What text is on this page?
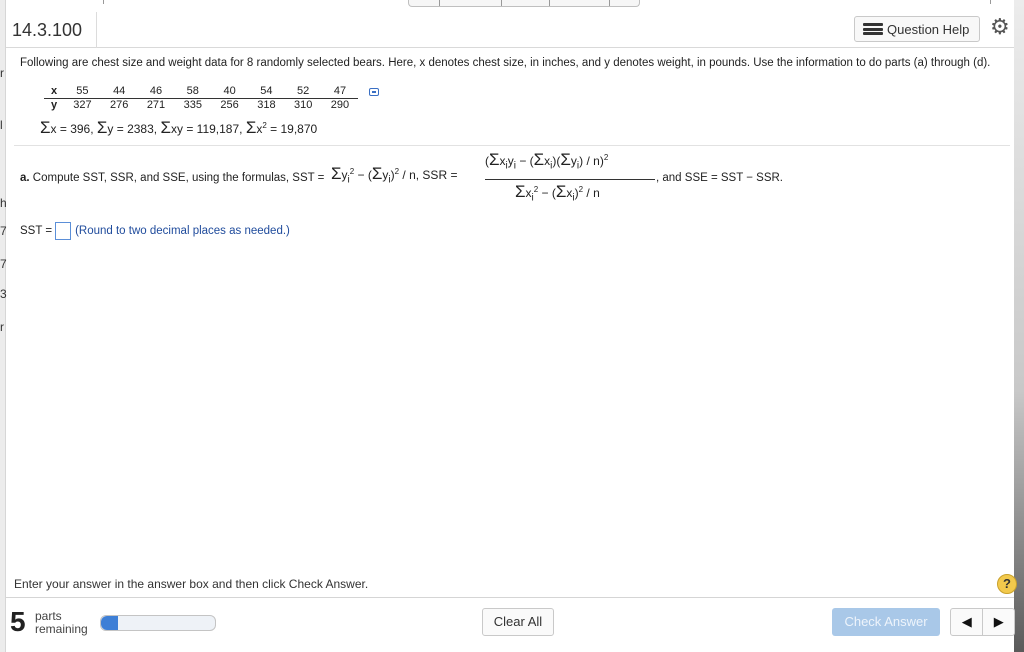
r
l
h
7
7
3
r
14.3.100	Question Help ⚙
Following are chest size and weight data for 8 randomly selected bears. Here, x denotes chest size, in inches, and y denotes weight, in pounds. Use the information to do parts (a) through (d).
x	55	44	46	58	40	54	52	47
y	327	276	271	335	256	318	310	290
Σx = 396, Σy = 2383, Σxy = 119,187, $\Sigma x^2 = 19,870$
a. Compute SST, SSR, and SSE, using the formulas, SST = $\Sigma y_i^2 - (\Sigma y_i)^2 / n$, SSR =
$(\Sigma x_iy_i - (\Sigma x_i)(\Sigma y_i) / n)^2$
$\Sigma x_i^2 - (\Sigma x_i)^2 / n$
, and SSE = SST − SSR.
SST = (Round to two decimal places as needed.)
Enter your answer in the answer box and then click Check Answer.	?
5 parts
remaining	Clear All	Check Answer	◀	▶
